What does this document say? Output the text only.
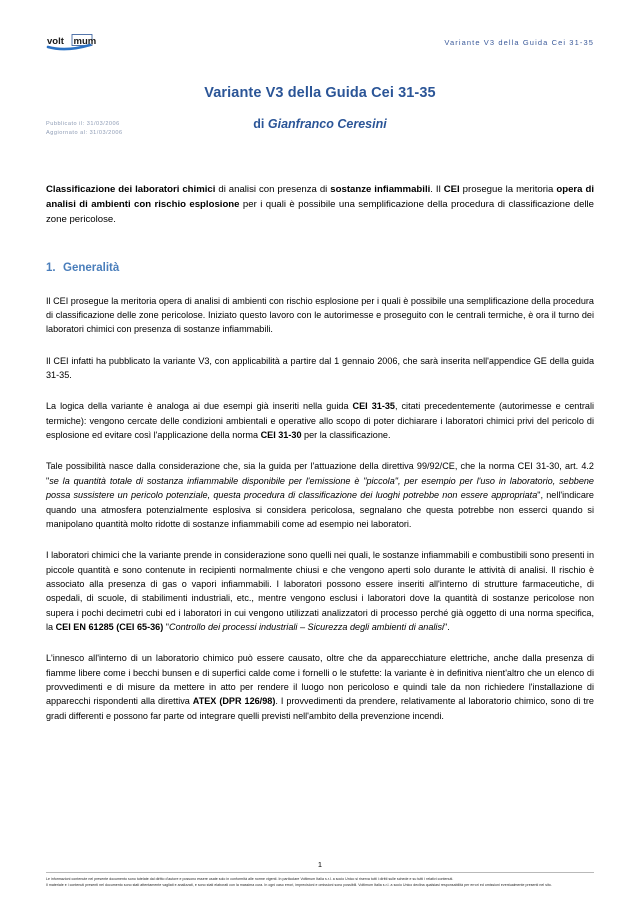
volt m um	Variante V3 della Guida Cei 31-35
Variante V3 della Guida Cei 31-35
Pubblicato il: 31/03/2006
Aggiornato al: 31/03/2006
di Gianfranco Ceresini
Classificazione dei laboratori chimici di analisi con presenza di sostanze infiammabili. Il CEI prosegue la meritoria opera di analisi di ambienti con rischio esplosione per i quali è possibile una semplificazione della procedura di classificazione delle zone pericolose.
1. Generalità

Il CEI prosegue la meritoria opera di analisi di ambienti con rischio esplosione per i quali è possibile una semplificazione della procedura di classificazione delle zone pericolose. Iniziato questo lavoro con le autorimesse e proseguito con le centrali termiche, è ora il turno dei laboratori chimici con presenza di sostanze infiammabili.

Il CEI infatti ha pubblicato la variante V3, con applicabilità a partire dal 1 gennaio 2006, che sarà inserita nell'appendice GE della guida 31-35.

La logica della variante è analoga ai due esempi già inseriti nella guida CEI 31-35, citati precedentemente (autorimesse e centrali termiche): vengono cercate delle condizioni ambientali e operative allo scopo di poter dichiarare i laboratori chimici privi del pericolo di esplosione ed evitare così l'applicazione della norma CEI 31-30 per la classificazione.

Tale possibilità nasce dalla considerazione che, sia la guida per l'attuazione della direttiva 99/92/CE, che la norma CEI 31-30, art. 4.2 "se la quantità totale di sostanza infiammabile disponibile per l'emissione è "piccola", per esempio per l'uso in laboratorio, sebbene possa sussistere un pericolo potenziale, questa procedura di classificazione dei luoghi potrebbe non essere appropriata", nell'indicare quando una atmosfera potenzialmente esplosiva si considera pericolosa, segnalano che questa potrebbe non esserci quando si manipolano quantità molto ridotte di sostanze infiammabili come ad esempio nei laboratori.

I laboratori chimici che la variante prende in considerazione sono quelli nei quali, le sostanze infiammabili e combustibili sono presenti in piccole quantità e sono contenute in recipienti normalmente chiusi e che vengono aperti solo durante le attività di analisi. Il rischio è associato alla presenza di gas o vapori infiammabili. I laboratori possono essere inseriti all'interno di strutture farmaceutiche, di ospedali, di scuole, di stabilimenti industriali, etc., mentre vengono esclusi i laboratori dove la quantità di sostanze pericolose non supera i pochi decimetri cubi ed i laboratori in cui vengono utilizzati analizzatori di processo perché già oggetto di una norma specifica, la CEI EN 61285 (CEI 65-36) "Controllo dei processi industriali – Sicurezza degli ambienti di analisi".

L'innesco all'interno di un laboratorio chimico può essere causato, oltre che da apparecchiature elettriche, anche dalla presenza di fiamme libere come i becchi bunsen e di superfici calde come i fornelli o le stufette: la variante è in definitiva nient'altro che un elenco di provvedimenti e di misure da mettere in atto per rendere il luogo non pericoloso e quindi tale da non richiedere l'installazione di apparecchi rispondenti alla direttiva ATEX (DPR 126/98). I provvedimenti da prendere, relativamente al laboratorio chimico, sono di tre gradi differenti e possono far parte od integrare quelli previsti nell'ambito della prevenzione incendi.

1

Le informazioni contenute nel presente documento sono tutelate dal diritto d'autore e possono essere usate solo in conformità alle norme vigenti. In particolare Voltimum Italia s.r.l. a socio Unico si riserva tutti i diritti sulle schede e su tutti i relativi contenuti.

Il materiale e i contenuti presenti nel documento sono stati attentamente vagliati e analizzati, e sono stati elaborati con la massima cura. In ogni caso errori, imprecisioni e omissioni sono possibili. Voltimum Italia s.r.l. a socio Unico declina qualsiasi responsabilità per errori ed omissioni eventualmente presenti nel sito.
